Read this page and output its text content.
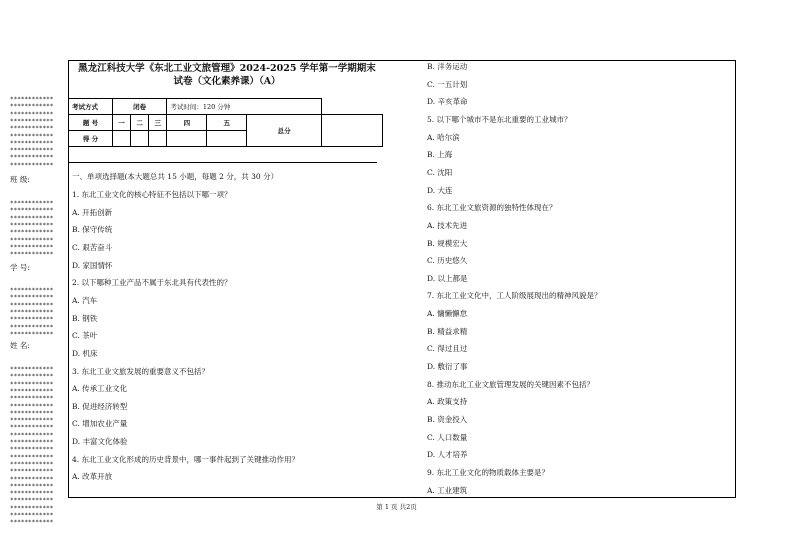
黑龙江科技大学《东北工业文旅管理》2024-2025 学年第一学期期末
试卷（文化素养课）（A）
考试方式	闭卷			考试时间：120 分钟			
题 号	一	二	三	四	五	总分	
得 分							
一、单项选择题(本大题总共 15 小题，每题 2 分，共 30 分）
第 1 页 共2页
************
************
************
************
************
************
************
************
************
************
************
************
************
************
************
************
************
************
************
************
************
************
************
************
************
************
************
************
************
************
************
************
************
************
************
************
************
************
************
************
************
************
************
************
************
************
************
班 级:
学 号:
姓 名:
1. 东北工业文化的核心特征不包括以下哪一项？
A. 开拓创新
B. 保守传统
C. 艰苦奋斗
D. 家国情怀
2. 以下哪种工业产品不属于东北具有代表性的？
A. 汽车
B. 钢铁
C. 茶叶
D. 机床
3. 东北工业文旅发展的重要意义不包括？
A. 传承工业文化
B. 促进经济转型
C. 增加农业产量
D. 丰富文化体验
4. 东北工业文化形成的历史背景中，哪一事件起到了关键推动作用？
A. 改革开放
B. 洋务运动
C. 一五计划
D. 辛亥革命
5. 以下哪个城市不是东北重要的工业城市？
A. 哈尔滨
B. 上海
C. 沈阳
D. 大连
6. 东北工业文旅资源的独特性体现在？
A. 技术先进
B. 规模宏大
C. 历史悠久
D. 以上都是
7. 东北工业文化中，工人阶级展现出的精神风貌是？
A. 慵懒懈怠
B. 精益求精
C. 得过且过
D. 敷衍了事
8. 推动东北工业文旅管理发展的关键因素不包括？
A. 政策支持
B. 资金投入
C. 人口数量
D. 人才培养
9. 东北工业文化的物质载体主要是？
A. 工业建筑
